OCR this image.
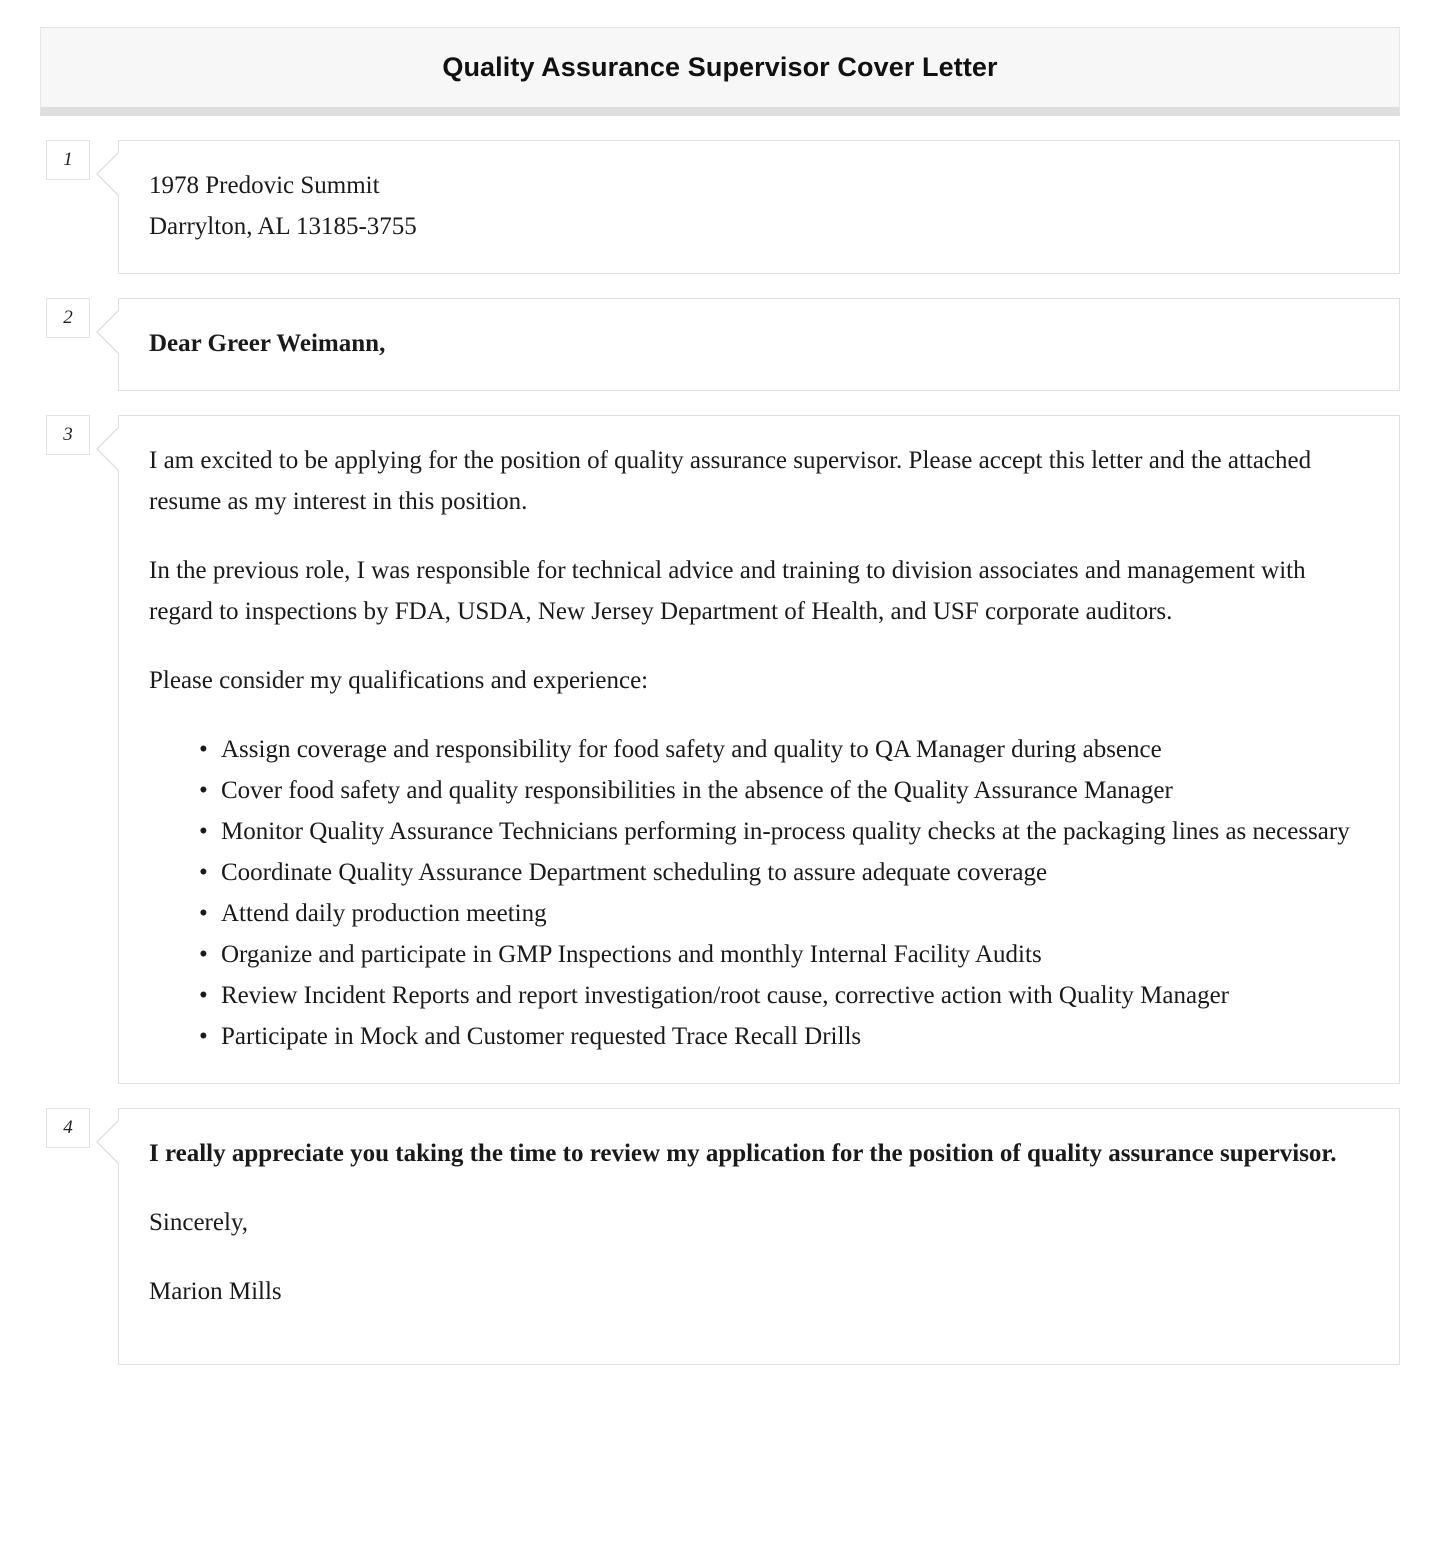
Quality Assurance Supervisor Cover Letter
1
1978 Predovic Summit
Darrylton, AL 13185-3755
2
Dear Greer Weimann,
3

I am excited to be applying for the position of quality assurance supervisor. Please accept this letter and the attached resume as my interest in this position.

In the previous role, I was responsible for technical advice and training to division associates and management with regard to inspections by FDA, USDA, New Jersey Department of Health, and USF corporate auditors.

Please consider my qualifications and experience:

• Assign coverage and responsibility for food safety and quality to QA Manager during absence
• Cover food safety and quality responsibilities in the absence of the Quality Assurance Manager
• Monitor Quality Assurance Technicians performing in-process quality checks at the packaging lines as necessary
• Coordinate Quality Assurance Department scheduling to assure adequate coverage
• Attend daily production meeting
• Organize and participate in GMP Inspections and monthly Internal Facility Audits
• Review Incident Reports and report investigation/root cause, corrective action with Quality Manager
• Participate in Mock and Customer requested Trace Recall Drills
4

I really appreciate you taking the time to review my application for the position of quality assurance supervisor.

Sincerely,

Marion Mills
